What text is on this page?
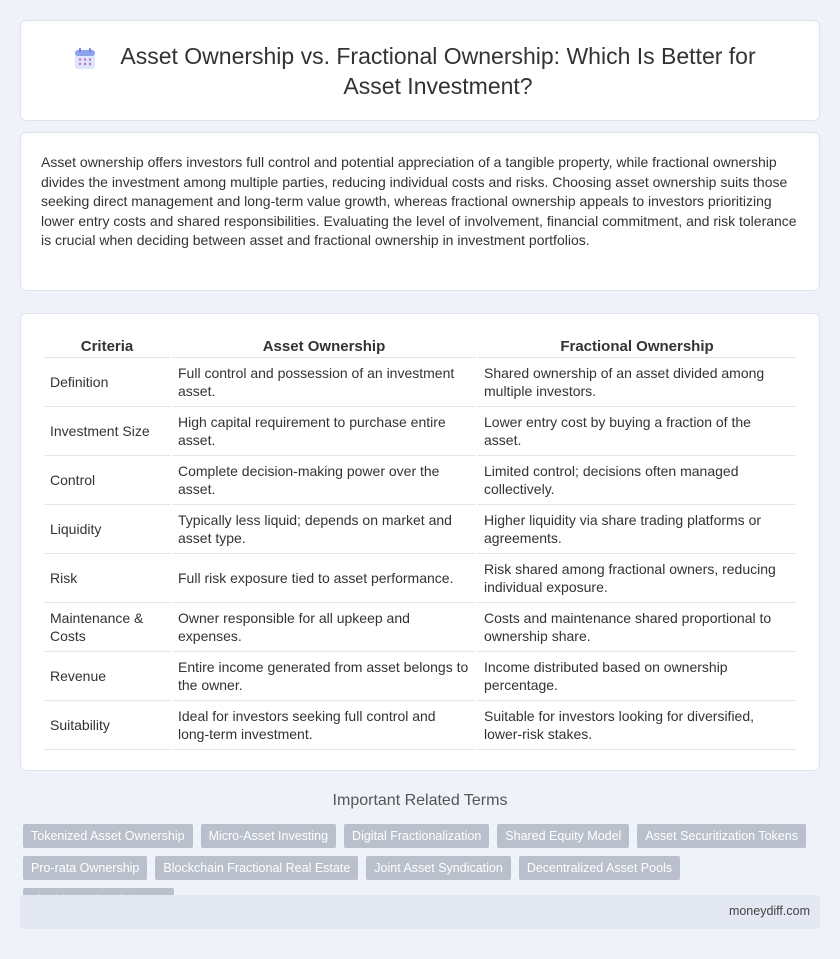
Asset Ownership vs. Fractional Ownership: Which Is Better for Asset Investment?

Asset ownership offers investors full control and potential appreciation of a tangible property, while fractional ownership divides the investment among multiple parties, reducing individual costs and risks. Choosing asset ownership suits those seeking direct management and long-term value growth, whereas fractional ownership appeals to investors prioritizing lower entry costs and shared responsibilities. Evaluating the level of involvement, financial commitment, and risk tolerance is crucial when deciding between asset and fractional ownership in investment portfolios.

Criteria	Asset Ownership	Fractional Ownership
Definition	Full control and possession of an investment asset.	Shared ownership of an asset divided among multiple investors.
Investment Size	High capital requirement to purchase entire asset.	Lower entry cost by buying a fraction of the asset.
Control	Complete decision-making power over the asset.	Limited control; decisions often managed collectively.
Liquidity	Typically less liquid; depends on market and asset type.	Higher liquidity via share trading platforms or agreements.
Risk	Full risk exposure tied to asset performance.	Risk shared among fractional owners, reducing individual exposure.
Maintenance & Costs	Owner responsible for all upkeep and expenses.	Costs and maintenance shared proportional to ownership share.
Revenue	Entire income generated from asset belongs to the owner.	Income distributed based on ownership percentage.
Suitability	Ideal for investors seeking full control and long-term investment.	Suitable for investors looking for diversified, lower-risk stakes.
Important Related Terms
Tokenized Asset Ownership	Micro-Asset Investing	Digital Fractionalization	Shared Equity Model	Asset Securitization Tokens
Pro-rata Ownership	Blockchain Fractional Real Estate	Joint Asset Syndication	Decentralized Asset Pools
moneydiff.com
